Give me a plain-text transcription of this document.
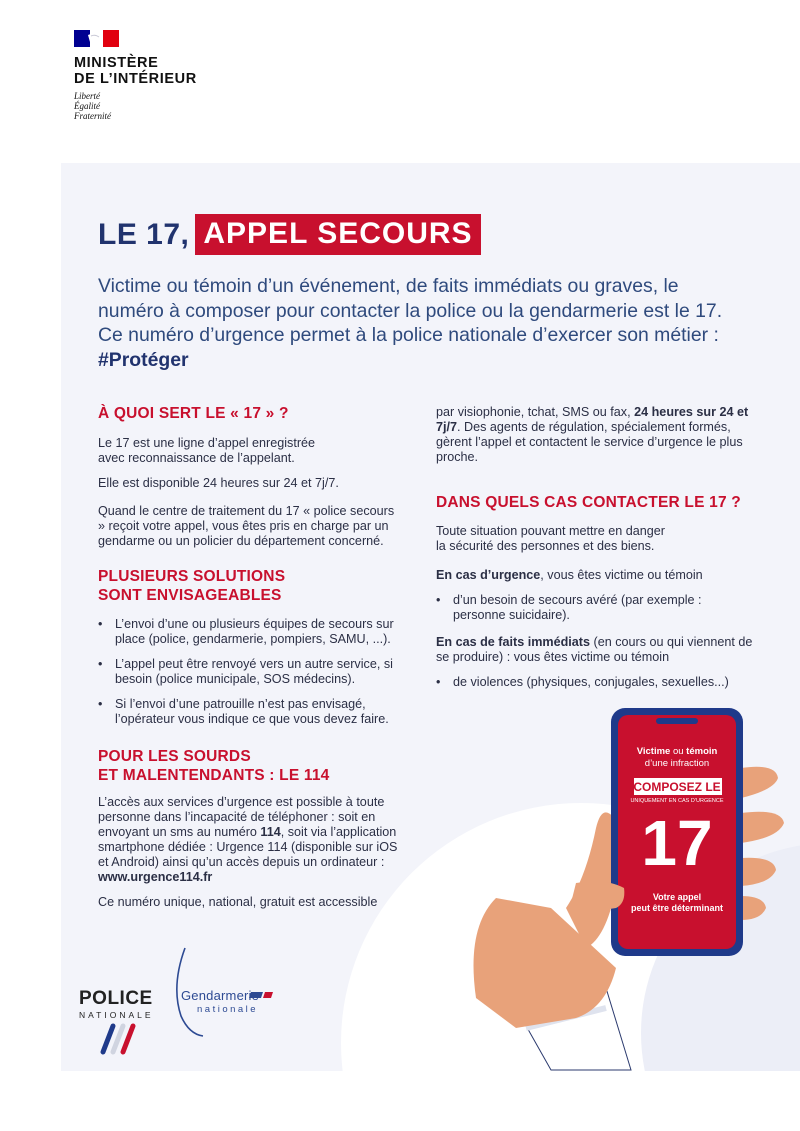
MINISTÈRE
DE L’INTÉRIEUR
Liberté
Égalité
Fraternité
LE 17, APPEL SECOURS

Victime ou témoin d’un événement, de faits immédiats ou graves, le numéro à composer pour contacter la police ou la gendarmerie est le 17. Ce numéro d’urgence permet à la police nationale d’exercer son métier : #Protéger

À QUOI SERT LE « 17 » ?

Le 17 est une ligne d’appel enregistrée
avec reconnaissance de l’appelant.

Elle est disponible 24 heures sur 24 et 7j/7.

Quand le centre de traitement du 17 « police secours » reçoit votre appel, vous êtes pris en charge par un gendarme ou un policier du département concerné.

PLUSIEURS SOLUTIONS
SONT ENVISAGEABLES
• L’envoi d’une ou plusieurs équipes de secours sur place (police, gendarmerie, pompiers, SAMU, ...).
• L’appel peut être renvoyé vers un autre service, si besoin (police municipale, SOS médecins).
• Si l’envoi d’une patrouille n’est pas envisagé, l’opérateur vous indique ce que vous devez faire.
POUR LES SOURDS
ET MALENTENDANTS : LE 114

L’accès aux services d’urgence est possible à toute personne dans l’incapacité de téléphoner : soit en envoyant un sms au numéro 114, soit via l’application smartphone dédiée : Urgence 114 (disponible sur iOS et Android) ainsi qu’un accès depuis un ordinateur : www.urgence114.fr

Ce numéro unique, national, gratuit est accessible

par visiophonie, tchat, SMS ou fax, 24 heures sur 24 et 7j/7. Des agents de régulation, spécialement formés, gèrent l’appel et contactent le service d’urgence le plus proche.

DANS QUELS CAS CONTACTER LE 17 ?

Toute situation pouvant mettre en danger
la sécurité des personnes et des biens.

En cas d’urgence, vous êtes victime ou témoin

• d’un besoin de secours avéré (par exemple : personne suicidaire).

En cas de faits immédiats (en cours ou qui viennent de se produire) : vous êtes victime ou témoin

• de violences (physiques, conjugales, sexuelles...)
Victime ou témoin
d’une infraction
COMPOSEZ LE
UNIQUEMENT EN CAS D’URGENCE
17
Votre appel
peut être déterminant
POLICE
NATIONALE
Gendarmerie
nationale
